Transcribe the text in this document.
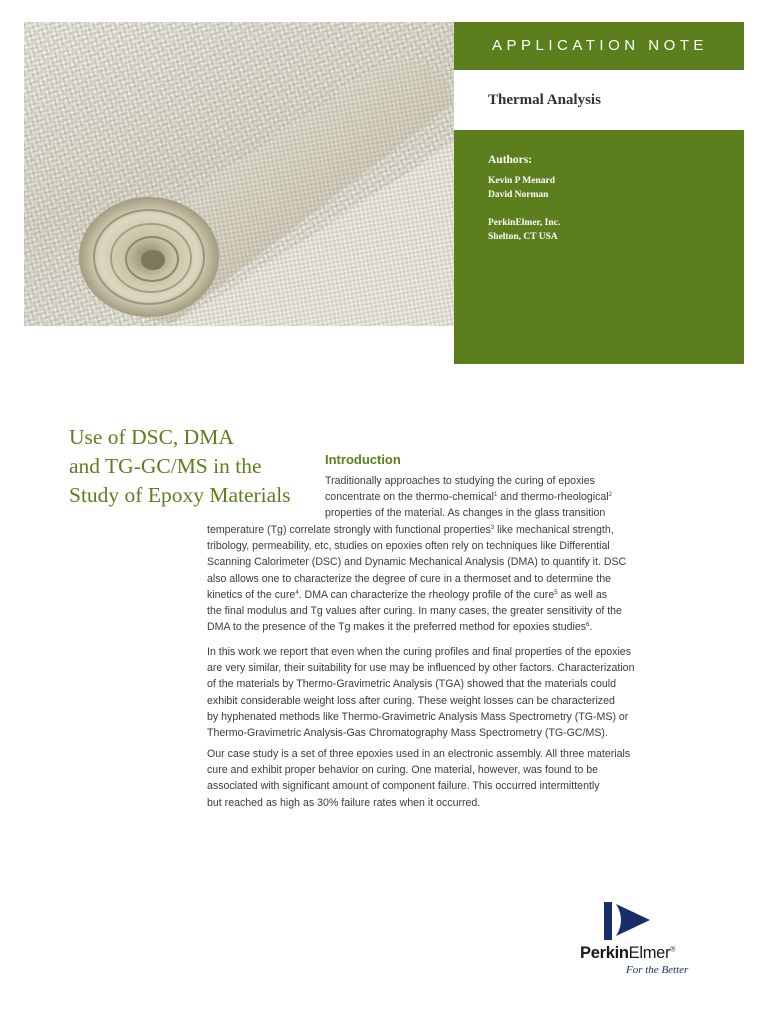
APPLICATION NOTE
Thermal Analysis
Authors:
Kevin P Menard
David Norman
PerkinElmer, Inc.
Shelton, CT USA
Use of DSC, DMA
and TG-GC/MS in the
Study of Epoxy Materials
Introduction
Traditionally approaches to studying the curing of epoxies
concentrate on the thermo-chemical$^1$ and thermo-rheological$^2$
properties of the material. As changes in the glass transition
temperature (Tg) correlate strongly with functional properties$^3$ like mechanical strength,
tribology, permeability, etc, studies on epoxies often rely on techniques like Differential
Scanning Calorimeter (DSC) and Dynamic Mechanical Analysis (DMA) to quantify it. DSC
also allows one to characterize the degree of cure in a thermoset and to determine the
kinetics of the cure$^4$. DMA can characterize the rheology profile of the cure$^5$ as well as
the final modulus and Tg values after curing. In many cases, the greater sensitivity of the
DMA to the presence of the Tg makes it the preferred method for epoxies studies$^6$.
In this work we report that even when the curing profiles and final properties of the epoxies
are very similar, their suitability for use may be influenced by other factors. Characterization
of the materials by Thermo-Gravimetric Analysis (TGA) showed that the materials could
exhibit considerable weight loss after curing. These weight losses can be characterized
by hyphenated methods like Thermo-Gravimetric Analysis Mass Spectrometry (TG-MS) or
Thermo-Gravimetric Analysis-Gas Chromatography Mass Spectrometry (TG-GC/MS).
Our case study is a set of three epoxies used in an electronic assembly. All three materials
cure and exhibit proper behavior on curing. One material, however, was found to be
associated with significant amount of component failure. This occurred intermittently
but reached as high as 30% failure rates when it occurred.
PerkinElmer®
For the Better
